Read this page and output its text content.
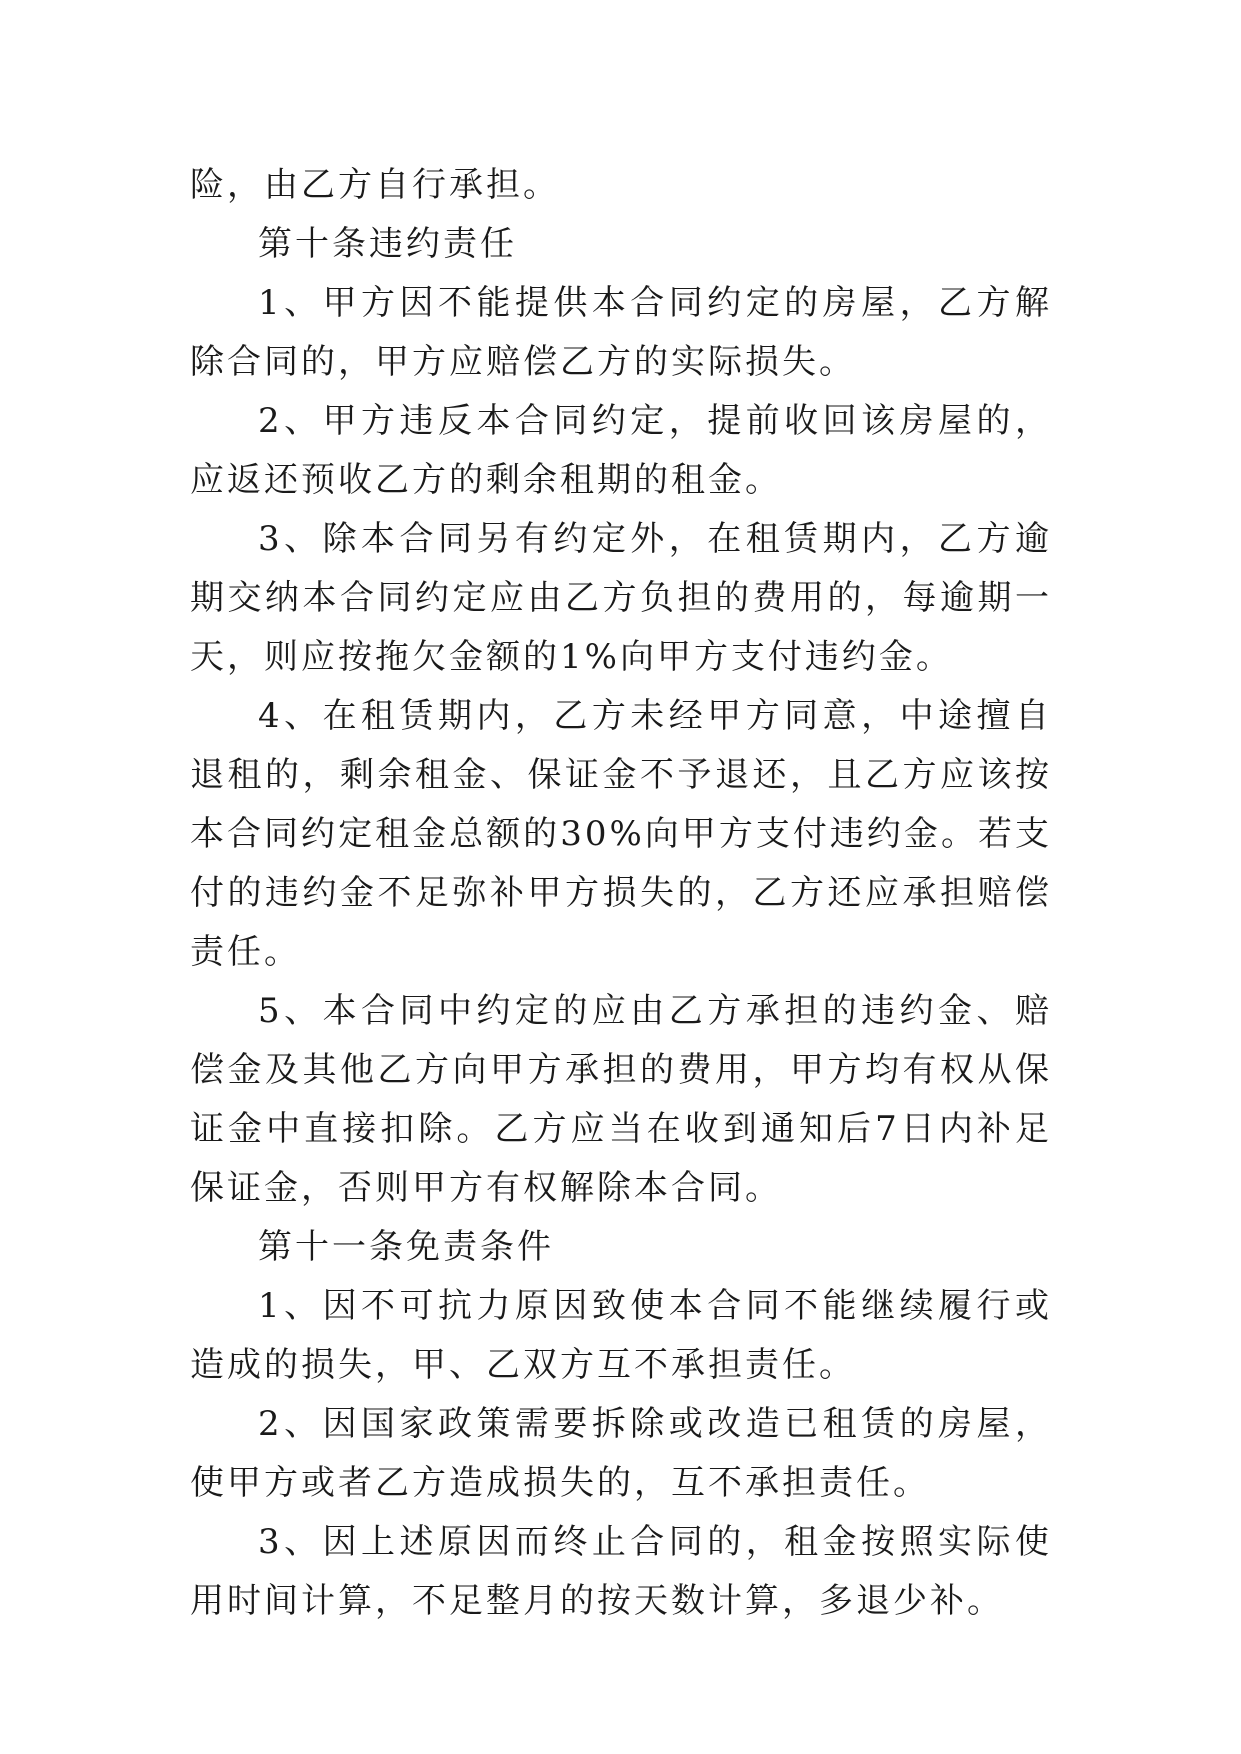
险，由乙方自行承担。

第十条违约责任

1、甲方因不能提供本合同约定的房屋，乙方解除合同的，甲方应赔偿乙方的实际损失。

2、甲方违反本合同约定，提前收回该房屋的，应返还预收乙方的剩余租期的租金。

3、除本合同另有约定外，在租赁期内，乙方逾期交纳本合同约定应由乙方负担的费用的，每逾期一天，则应按拖欠金额的1%向甲方支付违约金。

4、在租赁期内，乙方未经甲方同意，中途擅自退租的，剩余租金、保证金不予退还，且乙方应该按本合同约定租金总额的30%向甲方支付违约金。若支付的违约金不足弥补甲方损失的，乙方还应承担赔偿责任。

5、本合同中约定的应由乙方承担的违约金、赔偿金及其他乙方向甲方承担的费用，甲方均有权从保证金中直接扣除。乙方应当在收到通知后7日内补足保证金，否则甲方有权解除本合同。

第十一条免责条件

1、因不可抗力原因致使本合同不能继续履行或造成的损失，甲、乙双方互不承担责任。

2、因国家政策需要拆除或改造已租赁的房屋，使甲方或者乙方造成损失的，互不承担责任。

3、因上述原因而终止合同的，租金按照实际使用时间计算，不足整月的按天数计算，多退少补。
